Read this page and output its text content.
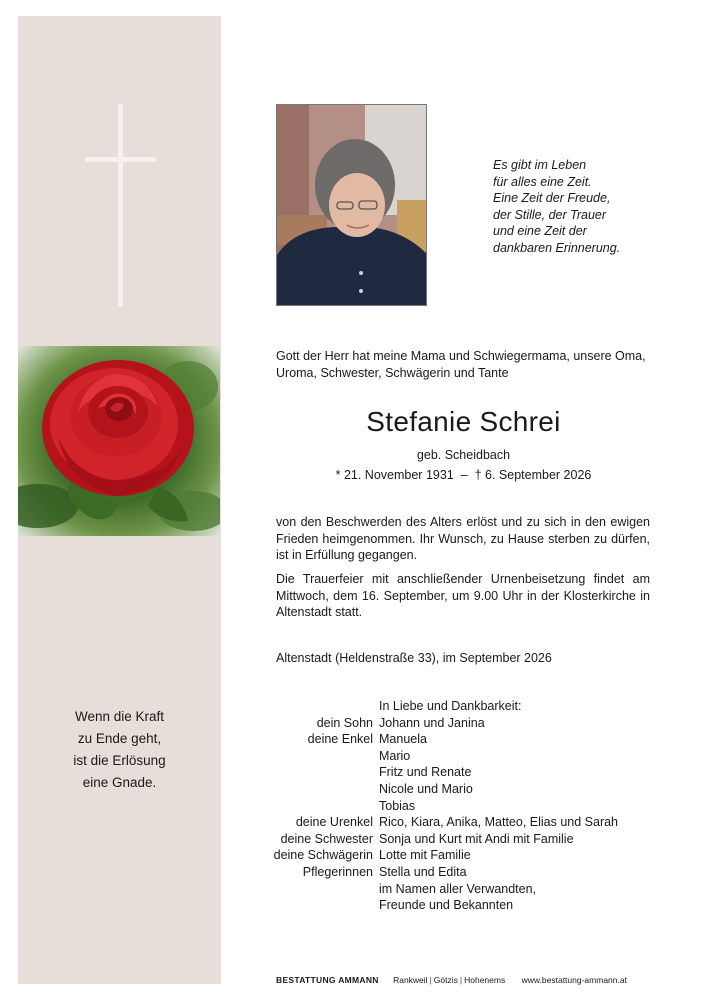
Wenn die Kraft
zu Ende geht,
ist die Erlösung
eine Gnade.
Es gibt im Leben
für alles eine Zeit.
Eine Zeit der Freude,
der Stille, der Trauer
und eine Zeit der
dankbaren Erinnerung.
Gott der Herr hat meine Mama und Schwiegermama, unsere Oma,
Uroma, Schwester, Schwägerin und Tante
Stefanie Schrei
geb. Scheidbach
* 21. November 1931  –  † 6. September 2026
von den Beschwerden des Alters erlöst und zu sich in den ewigen Frieden heimgenommen. Ihr Wunsch, zu Hause sterben zu dürfen, ist in Erfüllung gegangen.
Die Trauerfeier mit anschließender Urnenbeisetzung findet am Mittwoch, dem 16. September, um 9.00 Uhr in der Klosterkirche in Altenstadt statt.
Altenstadt (Heldenstraße 33), im September 2026
In Liebe und Dankbarkeit:
dein Sohn Johann und Janina
deine Enkel Manuela
Mario
Fritz und Renate
Nicole und Mario
Tobias
deine Urenkel Rico, Kiara, Anika, Matteo, Elias und Sarah
deine Schwester Sonja und Kurt mit Andi mit Familie
deine Schwägerin Lotte mit Familie
Pflegerinnen Stella und Edita
im Namen aller Verwandten,
Freunde und Bekannten
BESTATTUNG AMMANN Rankweil | Götzis | Hohenems www.bestattung-ammann.at
